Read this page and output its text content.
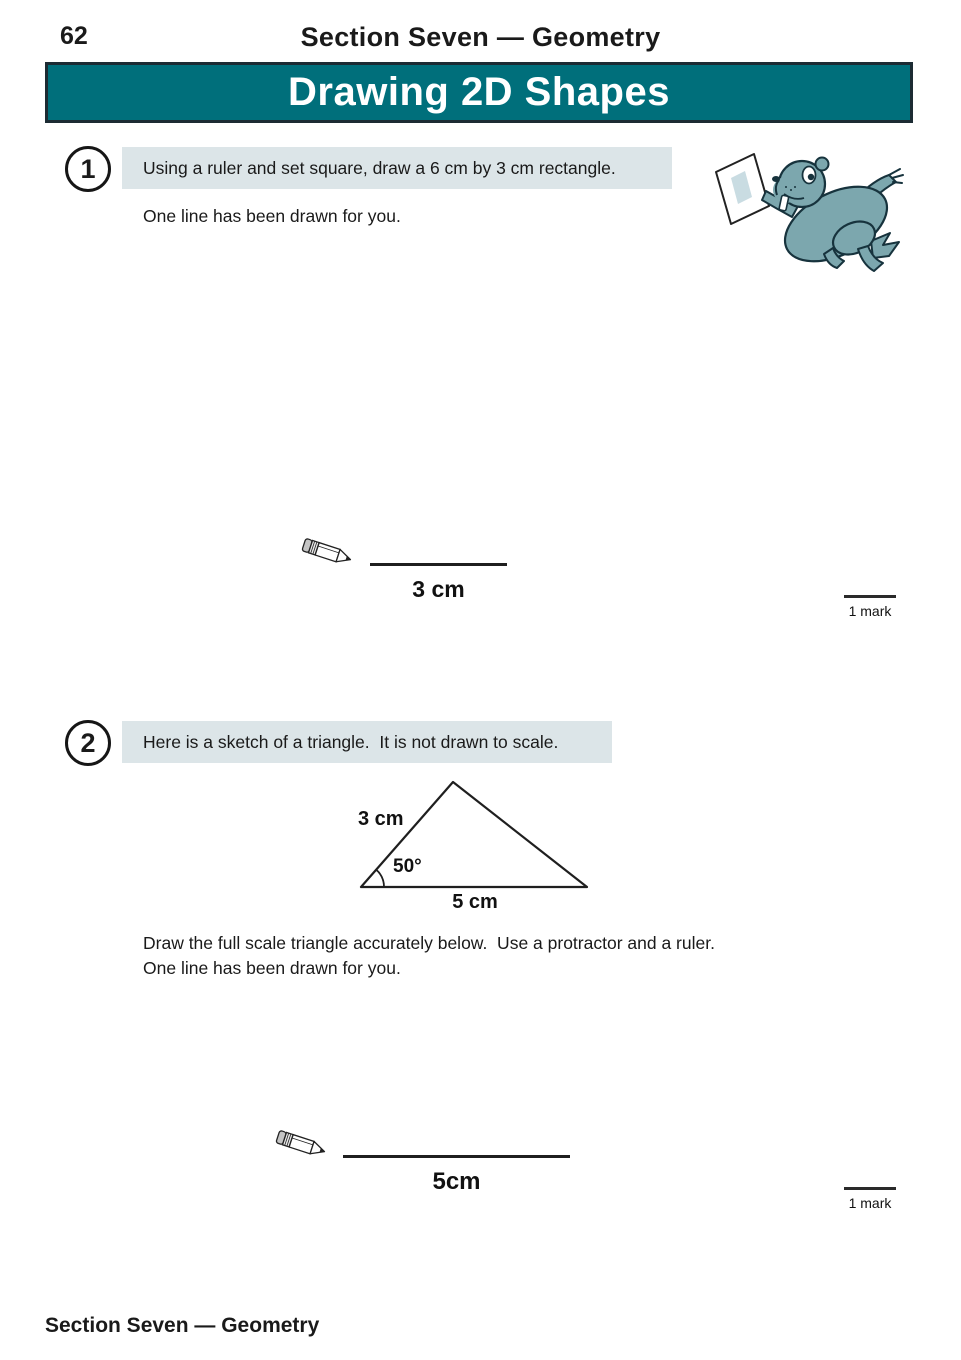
62	Section Seven — Geometry
Drawing 2D Shapes
1	Using a ruler and set square, draw a 6 cm by 3 cm rectangle.
One line has been drawn for you.
3 cm
1 mark
2	Here is a sketch of a triangle.  It is not drawn to scale.
3 cm
50°
5 cm
Draw the full scale triangle accurately below.  Use a protractor and a ruler.
One line has been drawn for you.
5cm
1 mark
Section Seven — Geometry
